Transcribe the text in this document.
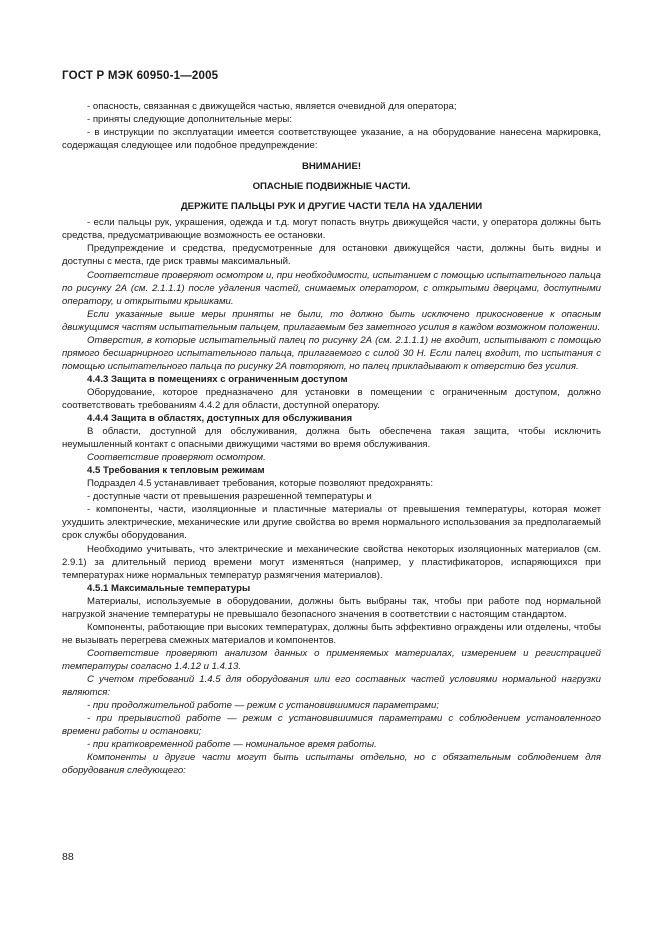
ГОСТ Р МЭК 60950-1—2005

- опасность, связанная с движущейся частью, является очевидной для оператора;

- приняты следующие дополнительные меры:

- в инструкции по эксплуатации имеется соответствующее указание, а на оборудование нанесена маркировка, содержащая следующее или подобное предупреждение:

ВНИМАНИЕ!

ОПАСНЫЕ ПОДВИЖНЫЕ ЧАСТИ.

ДЕРЖИТЕ ПАЛЬЦЫ РУК И ДРУГИЕ ЧАСТИ ТЕЛА НА УДАЛЕНИИ

- если пальцы рук, украшения, одежда и т.д. могут попасть внутрь движущейся части, у оператора должны быть средства, предусматривающие возможность ее остановки.

Предупреждение и средства, предусмотренные для остановки движущейся части, должны быть видны и доступны с места, где риск травмы максимальный.

Соответствие проверяют осмотром и, при необходимости, испытанием с помощью испытательного пальца по рисунку 2А (см. 2.1.1.1) после удаления частей, снимаемых оператором, с открытыми дверцами, доступными оператору, и открытыми крышками.

Если указанные выше меры приняты не были, то должно быть исключено прикосновение к опасным движущимся частям испытательным пальцем, прилагаемым без заметного усилия в каждом возможном положении.

Отверстия, в которые испытательный палец по рисунку 2А (см. 2.1.1.1) не входит, испытывают с помощью прямого бесшарнирного испытательного пальца, прилагаемого с силой 30 Н. Если палец входит, то испытания с помощью испытательного пальца по рисунку 2А повторяют, но палец прикладывают к отверстию без усилия.

4.4.3 Защита в помещениях с ограниченным доступом

Оборудование, которое предназначено для установки в помещении с ограниченным доступом, должно соответствовать требованиям 4.4.2 для области, доступной оператору.

4.4.4 Защита в областях, доступных для обслуживания

В области, доступной для обслуживания, должна быть обеспечена такая защита, чтобы исключить неумышленный контакт с опасными движущими частями во время обслуживания.

Соответствие проверяют осмотром.

4.5 Требования к тепловым режимам

Подраздел 4.5 устанавливает требования, которые позволяют предохранять:

- доступные части от превышения разрешенной температуры и

- компоненты, части, изоляционные и пластичные материалы от превышения температуры, которая может ухудшить электрические, механические или другие свойства во время нормального использования за предполагаемый срок службы оборудования.

Необходимо учитывать, что электрические и механические свойства некоторых изоляционных материалов (см. 2.9.1) за длительный период времени могут изменяться (например, у пластификаторов, испаряющихся при температурах ниже нормальных температур размягчения материалов).

4.5.1 Максимальные температуры

Материалы, используемые в оборудовании, должны быть выбраны так, чтобы при работе под нормальной нагрузкой значение температуры не превышало безопасного значения в соответствии с настоящим стандартом.

Компоненты, работающие при высоких температурах, должны быть эффективно ограждены или отделены, чтобы не вызывать перегрева смежных материалов и компонентов.

Соответствие проверяют анализом данных о применяемых материалах, измерением и регистрацией температуры согласно 1.4.12 и 1.4.13.

С учетом требований 1.4.5 для оборудования или его составных частей условиями нормальной нагрузки являются:

- при продолжительной работе — режим с установившимися параметрами;

- при прерывистой работе — режим с установившимися параметрами с соблюдением установленного времени работы и остановки;

- при кратковременной работе — номинальное время работы.

Компоненты и другие части могут быть испытаны отдельно, но с обязательным соблюдением для оборудования следующего:

88
